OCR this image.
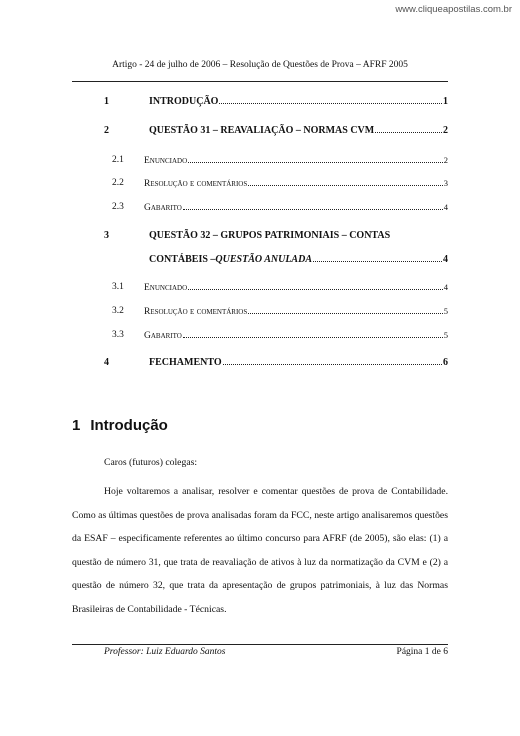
www.cliqueapostilas.com.br
Artigo - 24 de julho de 2006 – Resolução de Questões de Prova – AFRF 2005
1	INTRODUÇÃO	1
2	QUESTÃO 31 – REAVALIAÇÃO – NORMAS CVM	2
2.1 Enunciado	2
2.2 Resolução e comentários	3
2.3 Gabarito	4
3	QUESTÃO 32 – GRUPOS PATRIMONIAIS – CONTAS
CONTÁBEIS – QUESTÃO ANULADA	4
3.1 Enunciado	4
3.2 Resolução e comentários	5
3.3 Gabarito	5
4	FECHAMENTO	6
1 Introdução
Caros (futuros) colegas:
Hoje voltaremos a analisar, resolver e comentar questões de prova de Contabilidade. Como as últimas questões de prova analisadas foram da FCC, neste artigo analisaremos questões da ESAF – especificamente referentes ao último concurso para AFRF (de 2005), são elas: (1) a questão de número 31, que trata de reavaliação de ativos à luz da normatização da CVM e (2) a questão de número 32, que trata da apresentação de grupos patrimoniais, à luz das Normas Brasileiras de Contabilidade - Técnicas.
Professor: Luiz Eduardo Santos	Página 1 de 6
